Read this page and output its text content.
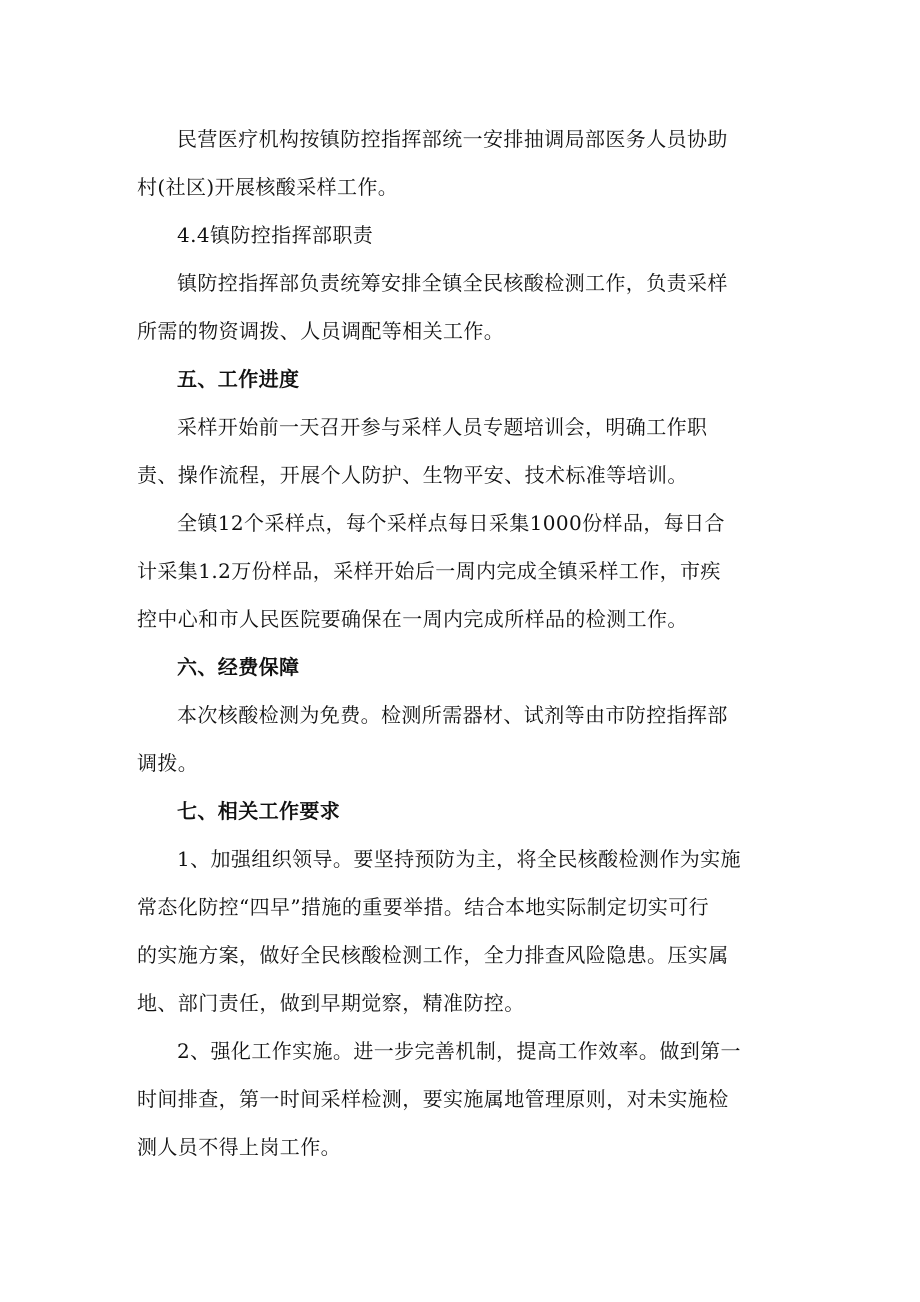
民营医疗机构按镇防控指挥部统一安排抽调局部医务人员协助
村(社区)开展核酸采样工作。
4.4镇防控指挥部职责
镇防控指挥部负责统筹安排全镇全民核酸检测工作，负责采样
所需的物资调拨、人员调配等相关工作。
五、工作进度
采样开始前一天召开参与采样人员专题培训会，明确工作职
责、操作流程，开展个人防护、生物平安、技术标准等培训。
全镇12个采样点，每个采样点每日采集1000份样品，每日合
计采集1.2万份样品，采样开始后一周内完成全镇采样工作，市疾
控中心和市人民医院要确保在一周内完成所样品的检测工作。
六、经费保障
本次核酸检测为免费。检测所需器材、试剂等由市防控指挥部
调拨。
七、相关工作要求
1、加强组织领导。要坚持预防为主，将全民核酸检测作为实施
常态化防控“四早”措施的重要举措。结合本地实际制定切实可行
的实施方案，做好全民核酸检测工作，全力排查风险隐患。压实属
地、部门责任，做到早期觉察，精准防控。
2、强化工作实施。进一步完善机制，提高工作效率。做到第一
时间排查，第一时间采样检测，要实施属地管理原则，对未实施检
测人员不得上岗工作。
